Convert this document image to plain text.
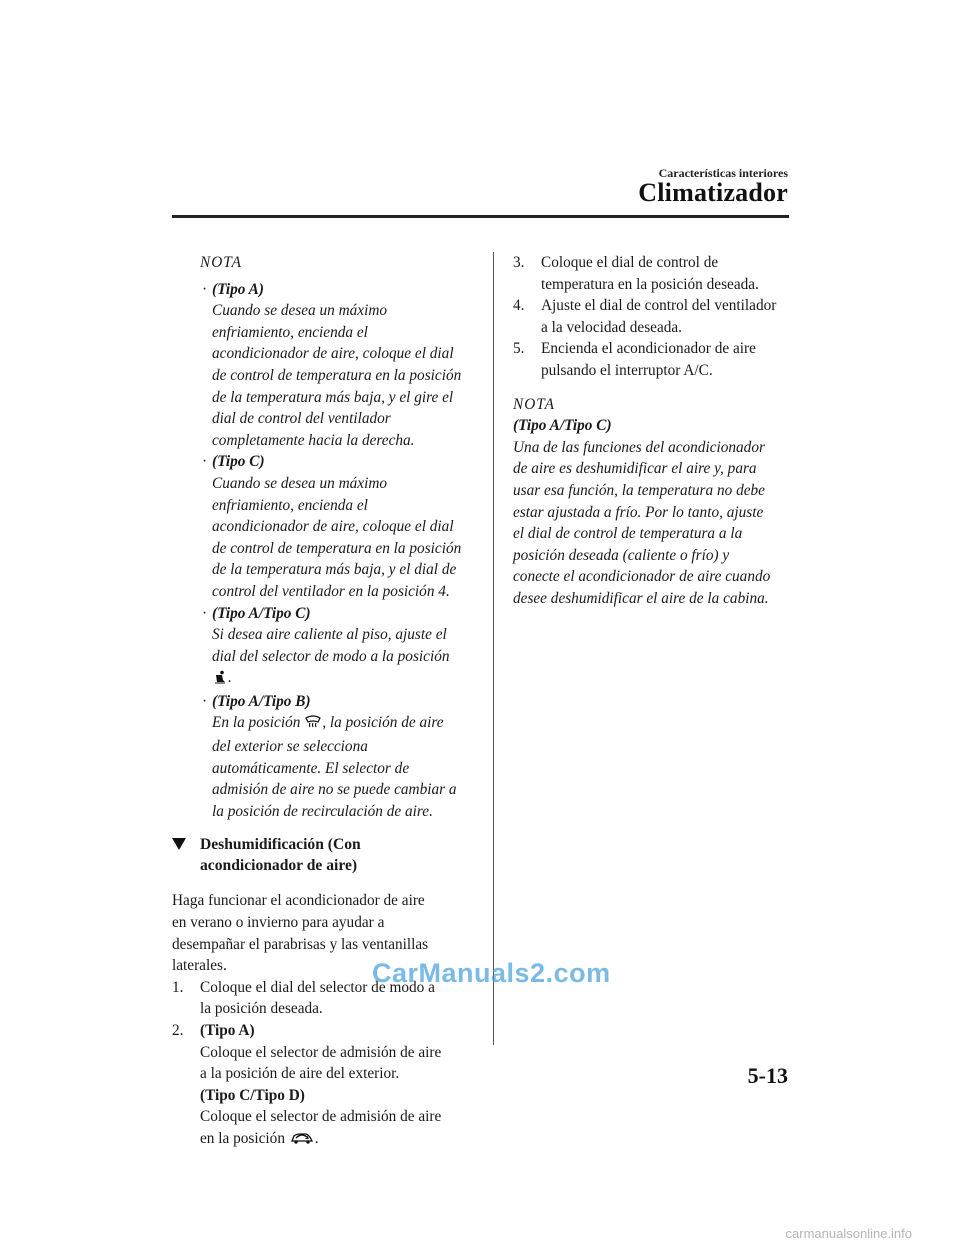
Características interiores
Climatizador
NOTA
· (Tipo A)
Cuando se desea un máximo
enfriamiento, encienda el
acondicionador de aire, coloque el dial
de control de temperatura en la posición
de la temperatura más baja, y el gire el
dial de control del ventilador
completamente hacia la derecha.
· (Tipo C)
Cuando se desea un máximo
enfriamiento, encienda el
acondicionador de aire, coloque el dial
de control de temperatura en la posición
de la temperatura más baja, y el dial de
control del ventilador en la posición 4.
· (Tipo A/Tipo C)
Si desea aire caliente al piso, ajuste el
dial del selector de modo a la posición
.
· (Tipo A/Tipo B)
En la posición , la posición de aire
del exterior se selecciona
automáticamente. El selector de
admisión de aire no se puede cambiar a
la posición de recirculación de aire.
Deshumidificación (Con
acondicionador de aire)
Haga funcionar el acondicionador de aire
en verano o invierno para ayudar a
desempañar el parabrisas y las ventanillas
laterales.
1. Coloque el dial del selector de modo a
la posición deseada.
2. (Tipo A)
Coloque el selector de admisión de aire
a la posición de aire del exterior.
(Tipo C/Tipo D)
Coloque el selector de admisión de aire
en la posición .
3. Coloque el dial de control de
temperatura en la posición deseada.
4. Ajuste el dial de control del ventilador
a la velocidad deseada.
5. Encienda el acondicionador de aire
pulsando el interruptor A/C.
NOTA
(Tipo A/Tipo C)
Una de las funciones del acondicionador
de aire es deshumidificar el aire y, para
usar esa función, la temperatura no debe
estar ajustada a frío. Por lo tanto, ajuste
el dial de control de temperatura a la
posición deseada (caliente o frío) y
conecte el acondicionador de aire cuando
desee deshumidificar el aire de la cabina.
CarManuals2.com
5-13
carmanualsonline.info
